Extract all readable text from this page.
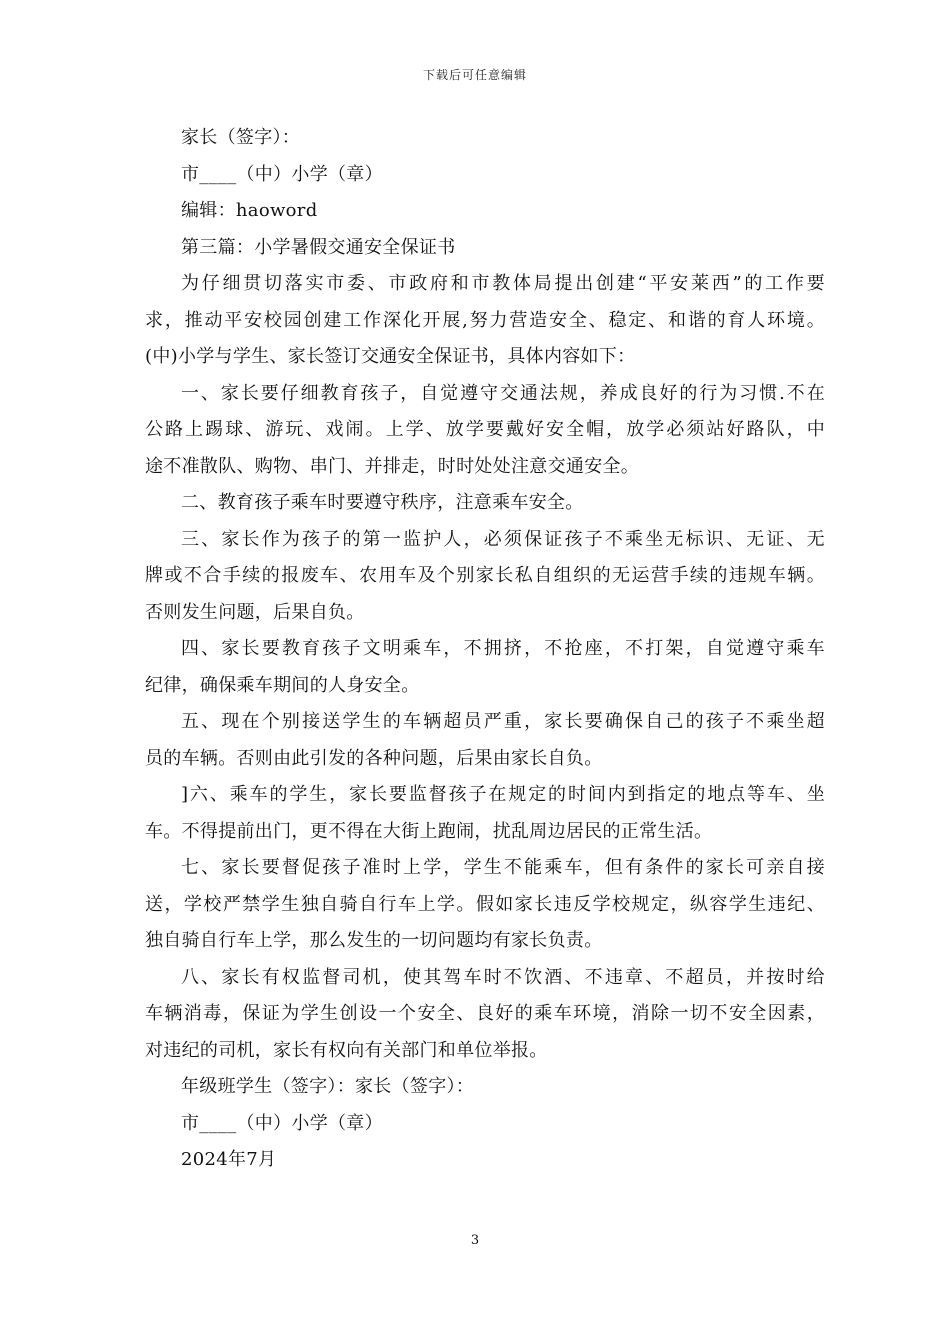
下载后可任意编辑
家长（签字）：
市____（中）小学（章）
编辑：haoword
第三篇：小学暑假交通安全保证书
为仔细贯切落实市委、市政府和市教体局提出创建“平安莱西”的工作要
求，推动平安校园创建工作深化开展,努力营造安全、稳定、和谐的育人环境。
(中)小学与学生、家长签订交通安全保证书，具体内容如下：
一、家长要仔细教育孩子，自觉遵守交通法规，养成良好的行为习惯.不在
公路上踢球、游玩、戏闹。上学、放学要戴好安全帽，放学必须站好路队，中
途不准散队、购物、串门、并排走，时时处处注意交通安全。
二、教育孩子乘车时要遵守秩序，注意乘车安全。
三、家长作为孩子的第一监护人，必须保证孩子不乘坐无标识、无证、无
牌或不合手续的报废车、农用车及个别家长私自组织的无运营手续的违规车辆。
否则发生问题，后果自负。
四、家长要教育孩子文明乘车，不拥挤，不抢座，不打架，自觉遵守乘车
纪律，确保乘车期间的人身安全。
五、现在个别接送学生的车辆超员严重，家长要确保自己的孩子不乘坐超
员的车辆。否则由此引发的各种问题，后果由家长自负。
]六、乘车的学生，家长要监督孩子在规定的时间内到指定的地点等车、坐
车。不得提前出门，更不得在大街上跑闹，扰乱周边居民的正常生活。
七、家长要督促孩子准时上学，学生不能乘车，但有条件的家长可亲自接
送，学校严禁学生独自骑自行车上学。假如家长违反学校规定，纵容学生违纪、
独自骑自行车上学，那么发生的一切问题均有家长负责。
八、家长有权监督司机，使其驾车时不饮酒、不违章、不超员，并按时给
车辆消毒，保证为学生创设一个安全、良好的乘车环境，消除一切不安全因素，
对违纪的司机，家长有权向有关部门和单位举报。
年级班学生（签字）：家长（签字）：
市____（中）小学（章）
2024年7月
3
